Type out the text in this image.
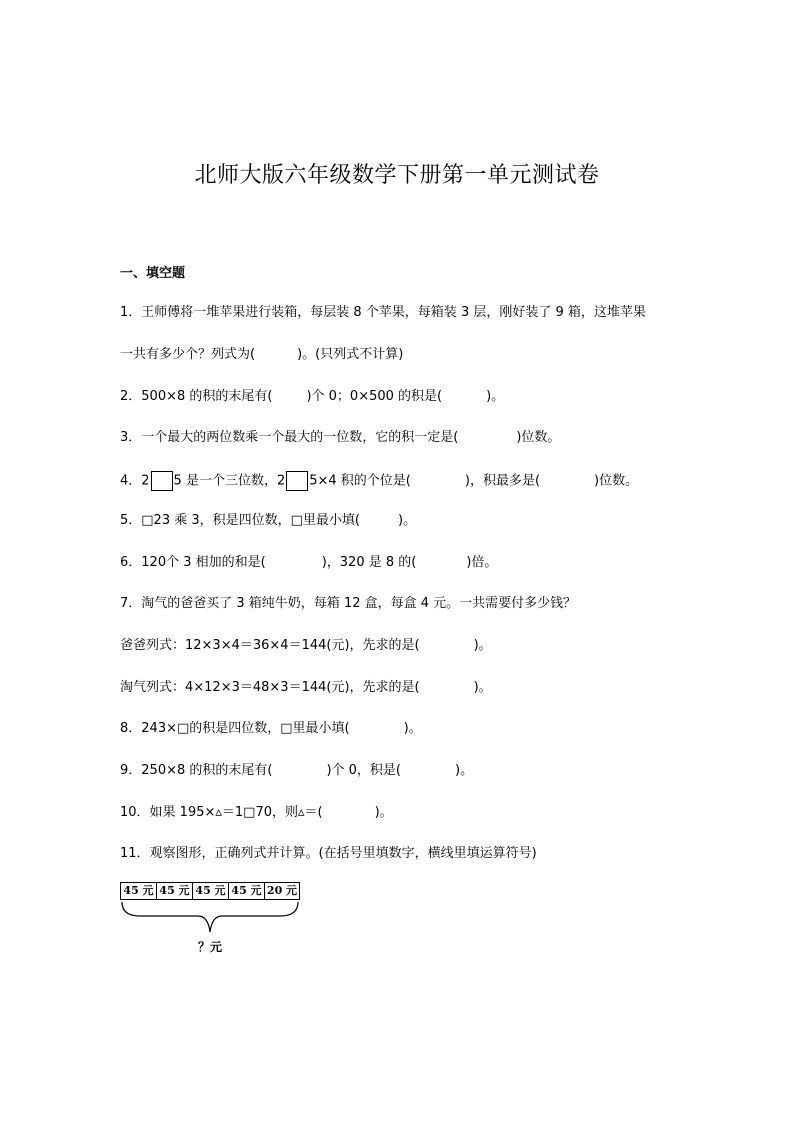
北师大版六年级数学下册第一单元测试卷
一、填空题
1．王师傅将一堆苹果进行装箱，每层装 8 个苹果，每箱装 3 层，刚好装了 9 箱，这堆苹果
一共有多少个？列式为(	)。(只列式不计算)
2．500×8 的积的末尾有(	)个 0；0×500 的积是(	)。
3．一个最大的两位数乘一个最大的一位数，它的积一定是(	)位数。
4．2 5 是一个三位数，2 5×4 积的个位是(	)，积最多是(	)位数。
5．□23 乘 3，积是四位数，□里最小填(	)。
6．120个 3 相加的和是(	)，320 是 8 的(	)倍。
7．淘气的爸爸买了 3 箱纯牛奶，每箱 12 盒，每盒 4 元。一共需要付多少钱？
爸爸列式：12×3×4＝36×4＝144(元)，先求的是(	)。
淘气列式：4×12×3＝48×3＝144(元)，先求的是(	)。
8．243×□的积是四位数，□里最小填(	)。
9．250×8 的积的末尾有(	)个 0，积是(	)。
10．如果 195×▵＝1□70，则▵＝(	)。
11．观察图形，正确列式并计算。(在括号里填数字，横线里填运算符号)
45 元 45 元 45 元 45 元 20 元
？元
